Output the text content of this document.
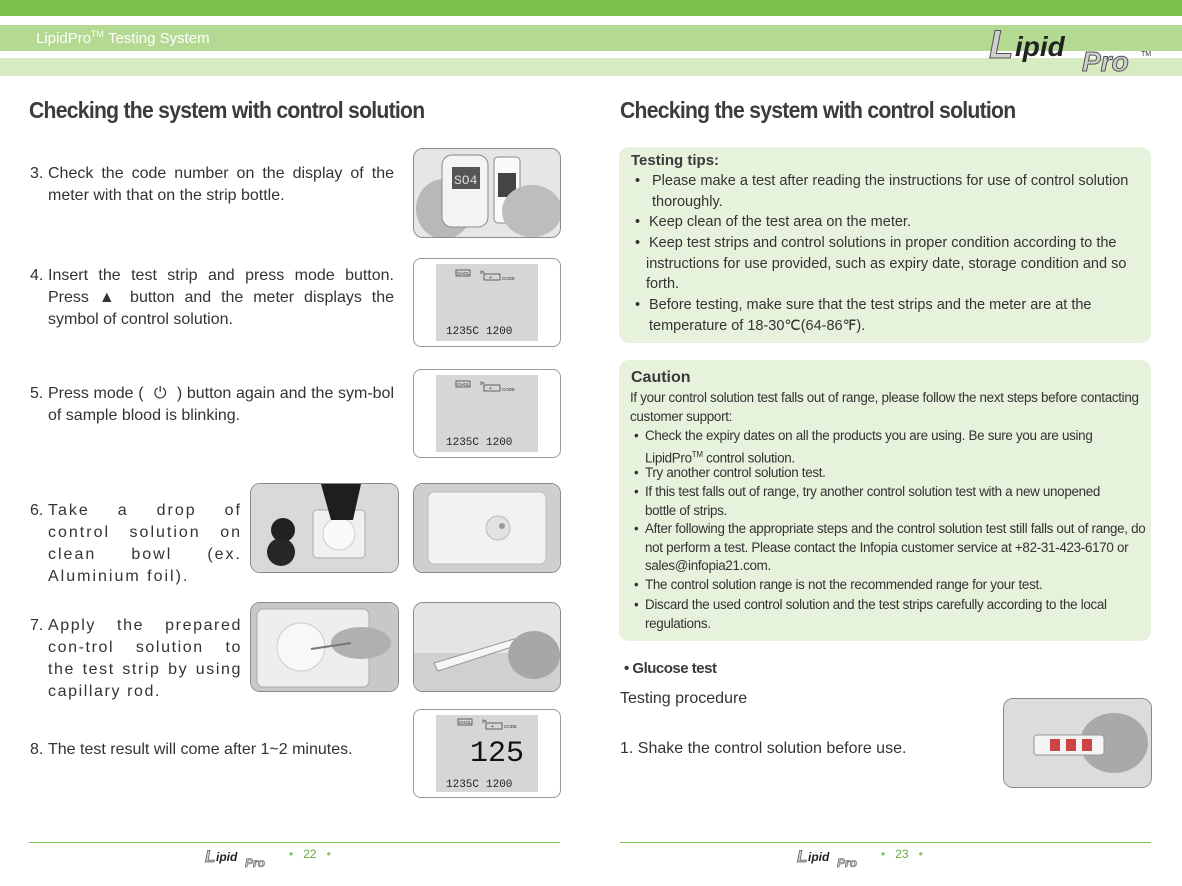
LipidPro™ Testing System	L ipid Pro TM
Checking the system with control solution
3. Check the code number on the display of the meter with that on the strip bottle.
SO4
4. Insert the test strip and press mode button. Press ▲ button and the meter displays the symbol of control solution.
CHOL
+
⊳
CODE
1235C 1200
5. Press mode ( ⏻ ) button again and the sym-bol of sample blood is blinking.
CHOL
+
⊳
CODE
1235C 1200
6. Take a drop of control solution on clean bowl (ex. Aluminium foil).
7. Apply the prepared con-trol solution to the test strip by using capillary rod.
8. The test result will come after 1~2 minutes.
CHOL
+
⊳
CODE
125
1235C 1200
L ipid Pro
• 22 •
Checking the system with control solution
Testing tips:
• Please make a test after reading the instructions for use of control solution thoroughly.
• Keep clean of the test area on the meter.
• Keep test strips and control solutions in proper condition according to the instructions for use provided, such as expiry date, storage condition and so forth.
• Before testing, make sure that the test strips and the meter are at the temperature of 18-30℃(64-86℉).
Caution
If your control solution test falls out of range, please follow the next steps before contacting customer support:
• Check the expiry dates on all the products you are using. Be sure you are using LipidPro™ control solution.
• Try another control solution test.
• If this test falls out of range, try another control solution test with a new unopened bottle of strips.
• After following the appropriate steps and the control solution test still falls out of range, do not perform a test. Please contact the Infopia customer service at +82-31-423-6170 or sales@infopia21.com.
• The control solution range is not the recommended range for your test.
• Discard the used control solution and the test strips carefully according to the local regulations.
• Glucose test
Testing procedure
1. Shake the control solution before use.
L ipid Pro
• 23 •
